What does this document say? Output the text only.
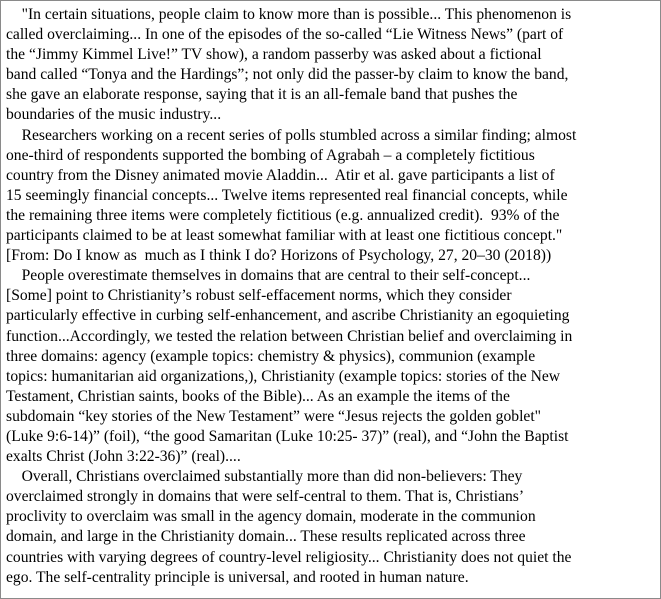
"In certain situations, people claim to know more than is possible... This phenomenon is
called overclaiming... In one of the episodes of the so-called “Lie Witness News” (part of
the “Jimmy Kimmel Live!” TV show), a random passerby was asked about a fictional
band called “Tonya and the Hardings”; not only did the passer-by claim to know the band,
she gave an elaborate response, saying that it is an all-female band that pushes the
boundaries of the music industry...
Researchers working on a recent series of polls stumbled across a similar finding; almost
one-third of respondents supported the bombing of Agrabah – a completely fictitious
country from the Disney animated movie Aladdin...  Atir et al. gave participants a list of
15 seemingly financial concepts... Twelve items represented real financial concepts, while
the remaining three items were completely fictitious (e.g. annualized credit).  93% of the
participants claimed to be at least somewhat familiar with at least one fictitious concept."
[From: Do I know as  much as I think I do? Horizons of Psychology, 27, 20–30 (2018))
People overestimate themselves in domains that are central to their self-concept...
[Some] point to Christianity’s robust self-effacement norms, which they consider
particularly effective in curbing self-enhancement, and ascribe Christianity an egoquieting
function...Accordingly, we tested the relation between Christian belief and overclaiming in
three domains: agency (example topics: chemistry & physics), communion (example
topics: humanitarian aid organizations,), Christianity (example topics: stories of the New
Testament, Christian saints, books of the Bible)... As an example the items of the
subdomain “key stories of the New Testament” were “Jesus rejects the golden goblet"
(Luke 9:6-14)” (foil), “the good Samaritan (Luke 10:25- 37)” (real), and “John the Baptist
exalts Christ (John 3:22-36)” (real)....
Overall, Christians overclaimed substantially more than did non-believers: They
overclaimed strongly in domains that were self-central to them. That is, Christians’
proclivity to overclaim was small in the agency domain, moderate in the communion
domain, and large in the Christianity domain... These results replicated across three
countries with varying degrees of country-level religiosity... Christianity does not quiet the
ego. The self-centrality principle is universal, and rooted in human nature.
